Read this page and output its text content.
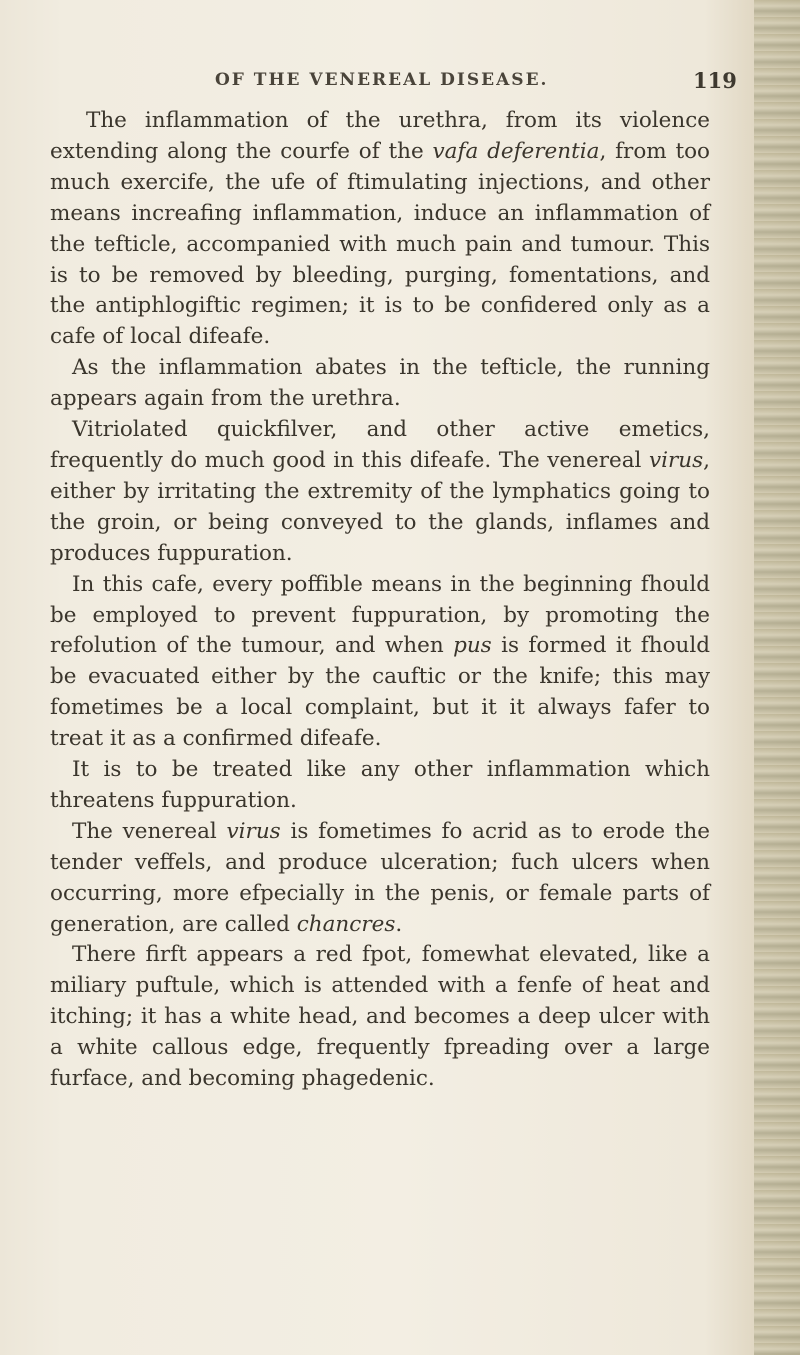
OF THE VENEREAL DISEASE.	119

The inflammation of the urethra, from its violence extending along the courfe of the vafa deferentia, from too much exercife, the ufe of ftimulating injections, and other means increafing inflammation, induce an inflammation of the tefticle, accompanied with much pain and tumour. This is to be removed by bleeding, purging, fomentations, and the antiphlogiftic regimen; it is to be confidered only as a cafe of local difeafe.

As the inflammation abates in the tefticle, the running appears again from the urethra.

Vitriolated quickfilver, and other active emetics, frequently do much good in this difeafe. The venereal virus, either by irritating the extremity of the lymphatics going to the groin, or being conveyed to the glands, inflames and produces fuppuration.

In this cafe, every poffible means in the beginning fhould be employed to prevent fuppuration, by promoting the refolution of the tumour, and when pus is formed it fhould be evacuated either by the cauftic or the knife; this may fometimes be a local complaint, but it it always fafer to treat it as a confirmed difeafe.

It is to be treated like any other inflammation which threatens fuppuration.

The venereal virus is fometimes fo acrid as to erode the tender veffels, and produce ulceration; fuch ulcers when occurring, more efpecially in the penis, or female parts of generation, are called chancres.

There firft appears a red fpot, fomewhat elevated, like a miliary puftule, which is attended with a fenfe of heat and itching; it has a white head, and becomes a deep ulcer with a white callous edge, frequently fpreading over a large furface, and becoming phagedenic.
